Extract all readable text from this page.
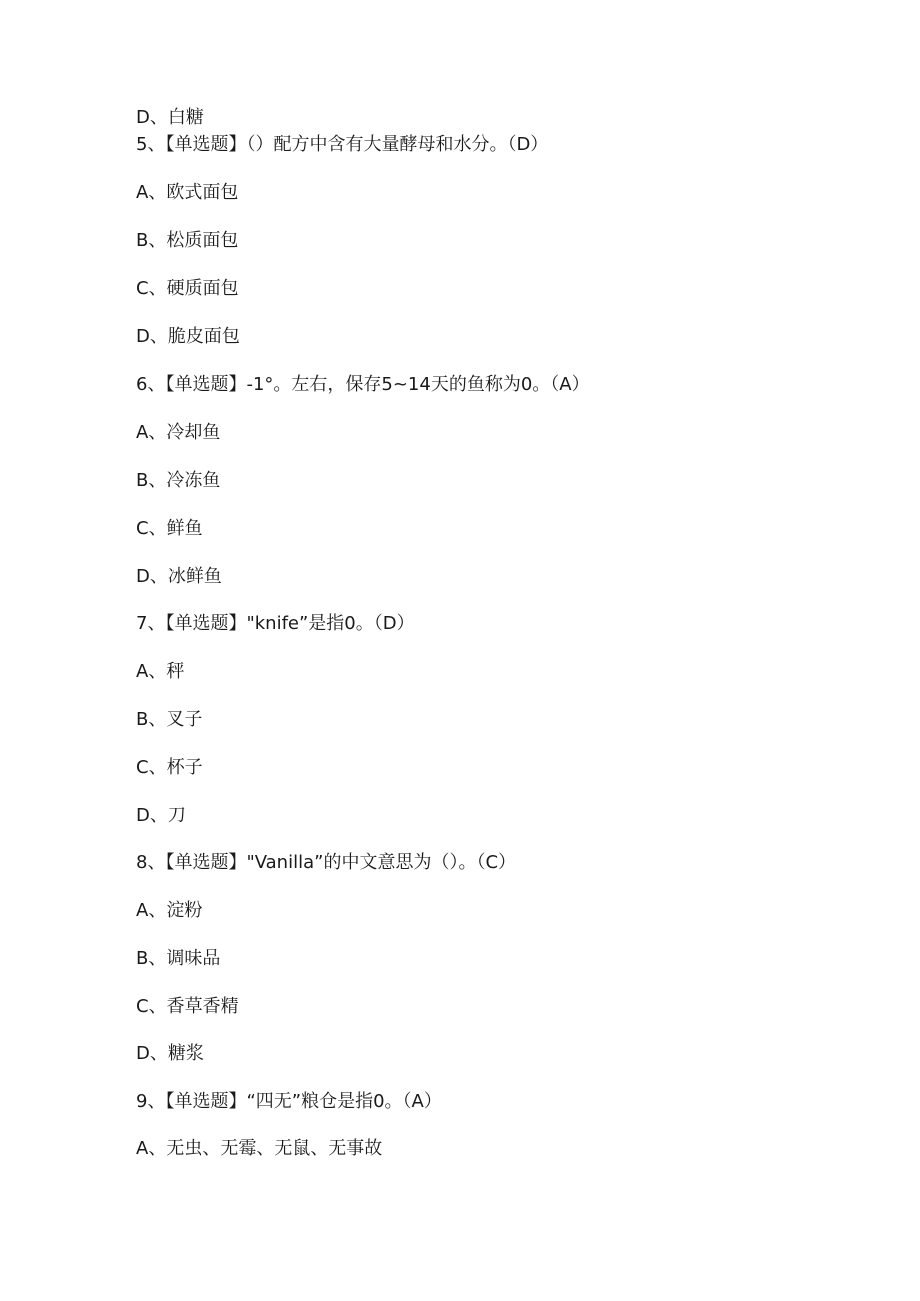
D、白糖
5、【单选题】（）配方中含有大量酵母和水分。（D）
A、欧式面包
B、松质面包
C、硬质面包
D、脆皮面包
6、【单选题】-1°。左右，保存5~14天的鱼称为0。（A）
A、冷却鱼
B、冷冻鱼
C、鲜鱼
D、冰鲜鱼
7、【单选题】"knife”是指0。（D）
A、秤
B、叉子
C、杯子
D、刀
8、【单选题】"Vanilla”的中文意思为（）。（C）
A、淀粉
B、调味品
C、香草香精
D、糖浆
9、【单选题】“四无”粮仓是指0。（A）
A、无虫、无霉、无鼠、无事故
